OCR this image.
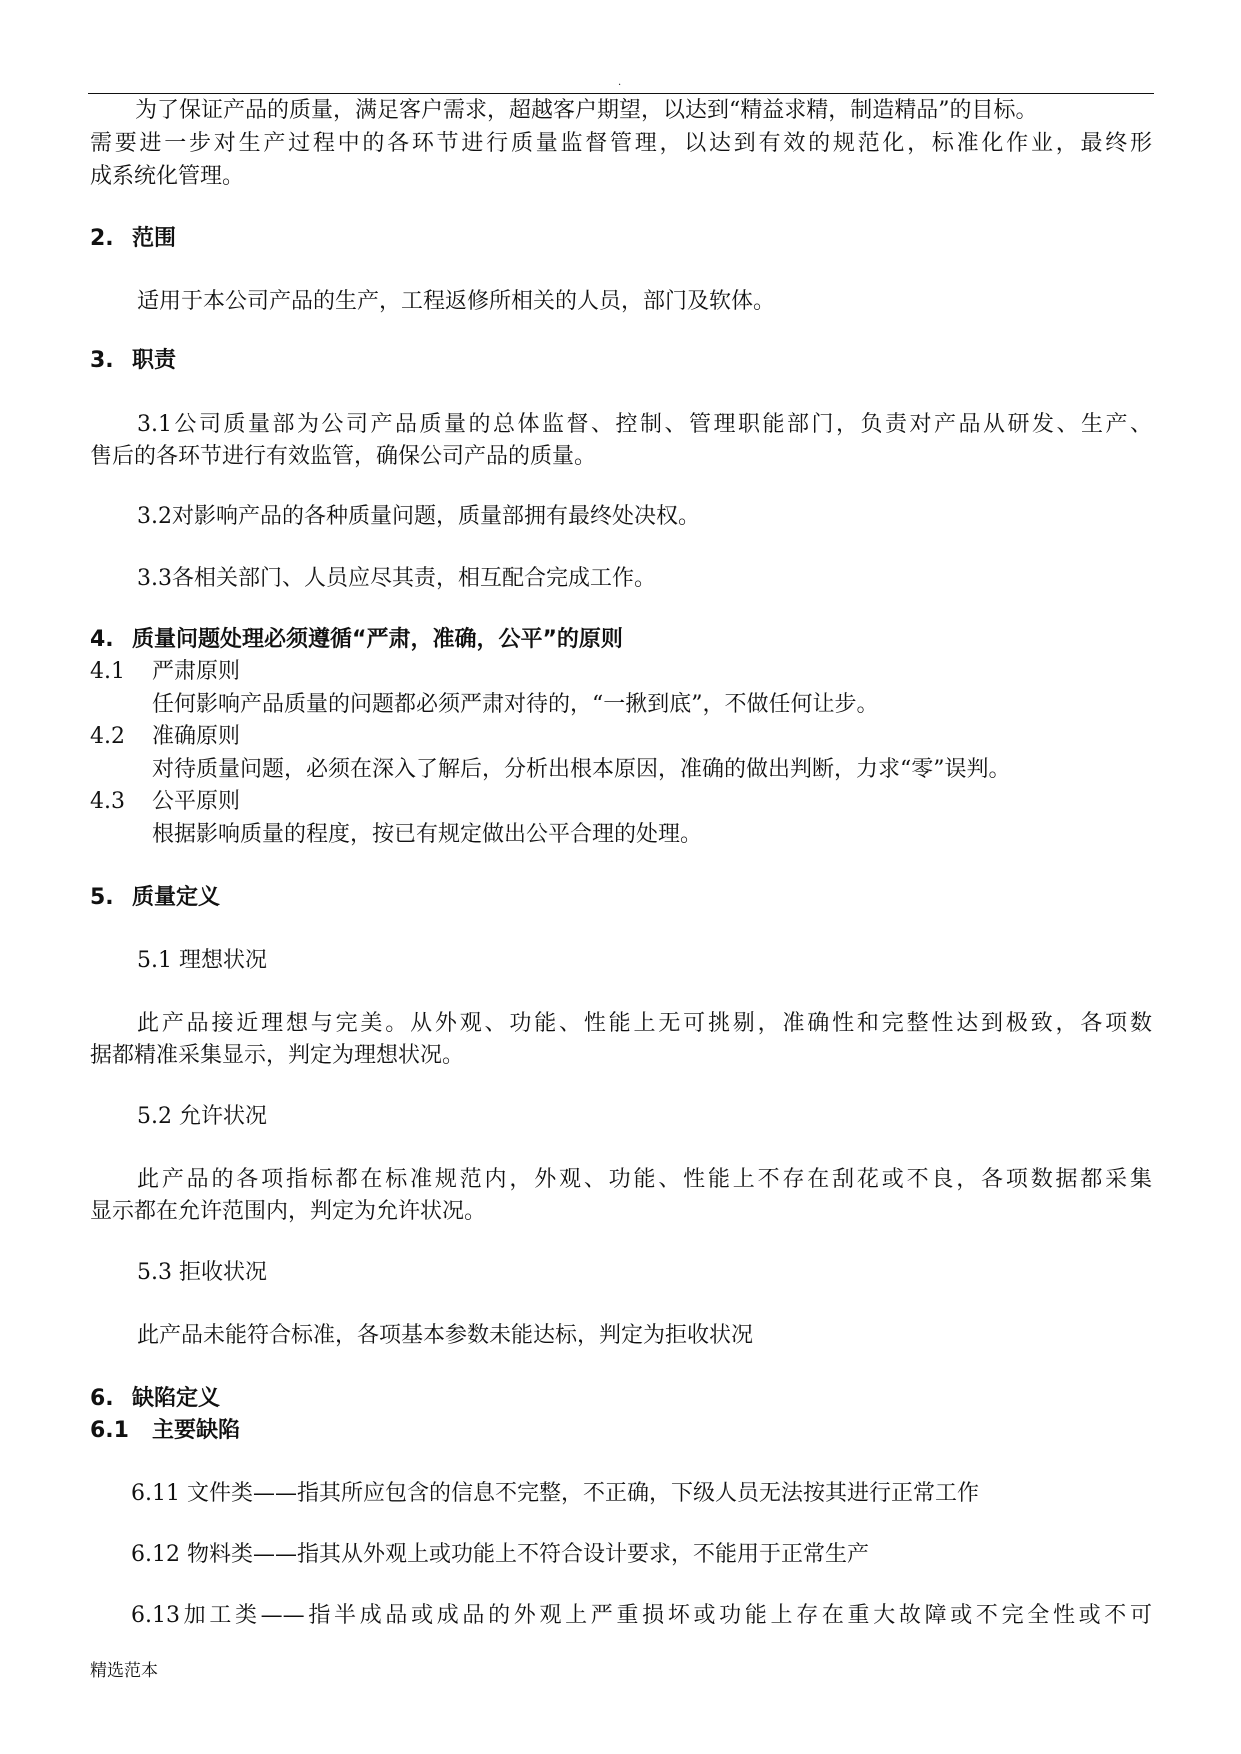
.
为了保证产品的质量，满足客户需求，超越客户期望，以达到“精益求精，制造精品”的目标。
需要进一步对生产过程中的各环节进行质量监督管理，以达到有效的规范化，标准化作业，最终形
成系统化管理。
2. 范围
适用于本公司产品的生产，工程返修所相关的人员，部门及软体。
3. 职责
3.1公司质量部为公司产品质量的总体监督、控制、管理职能部门，负责对产品从研发、生产、
售后的各环节进行有效监管，确保公司产品的质量。
3.2对影响产品的各种质量问题，质量部拥有最终处决权。
3.3各相关部门、人员应尽其责，相互配合完成工作。
4. 质量问题处理必须遵循“严肃，准确，公平”的原则
4.1 严肃原则
任何影响产品质量的问题都必须严肃对待的，“一揪到底”，不做任何让步。
4.2 准确原则
对待质量问题，必须在深入了解后，分析出根本原因，准确的做出判断，力求“零”误判。
4.3 公平原则
根据影响质量的程度，按已有规定做出公平合理的处理。
5. 质量定义
5.1 理想状况
此产品接近理想与完美。从外观、功能、性能上无可挑剔，准确性和完整性达到极致，各项数
据都精准采集显示，判定为理想状况。
5.2 允许状况
此产品的各项指标都在标准规范内，外观、功能、性能上不存在刮花或不良，各项数据都采集
显示都在允许范围内，判定为允许状况。
5.3 拒收状况
此产品未能符合标准，各项基本参数未能达标，判定为拒收状况
6. 缺陷定义
6.1 主要缺陷
6.11 文件类——指其所应包含的信息不完整，不正确，下级人员无法按其进行正常工作
6.12 物料类——指其从外观上或功能上不符合设计要求，不能用于正常生产
6.13加工类——指半成品或成品的外观上严重损坏或功能上存在重大故障或不完全性或不可
精选范本
